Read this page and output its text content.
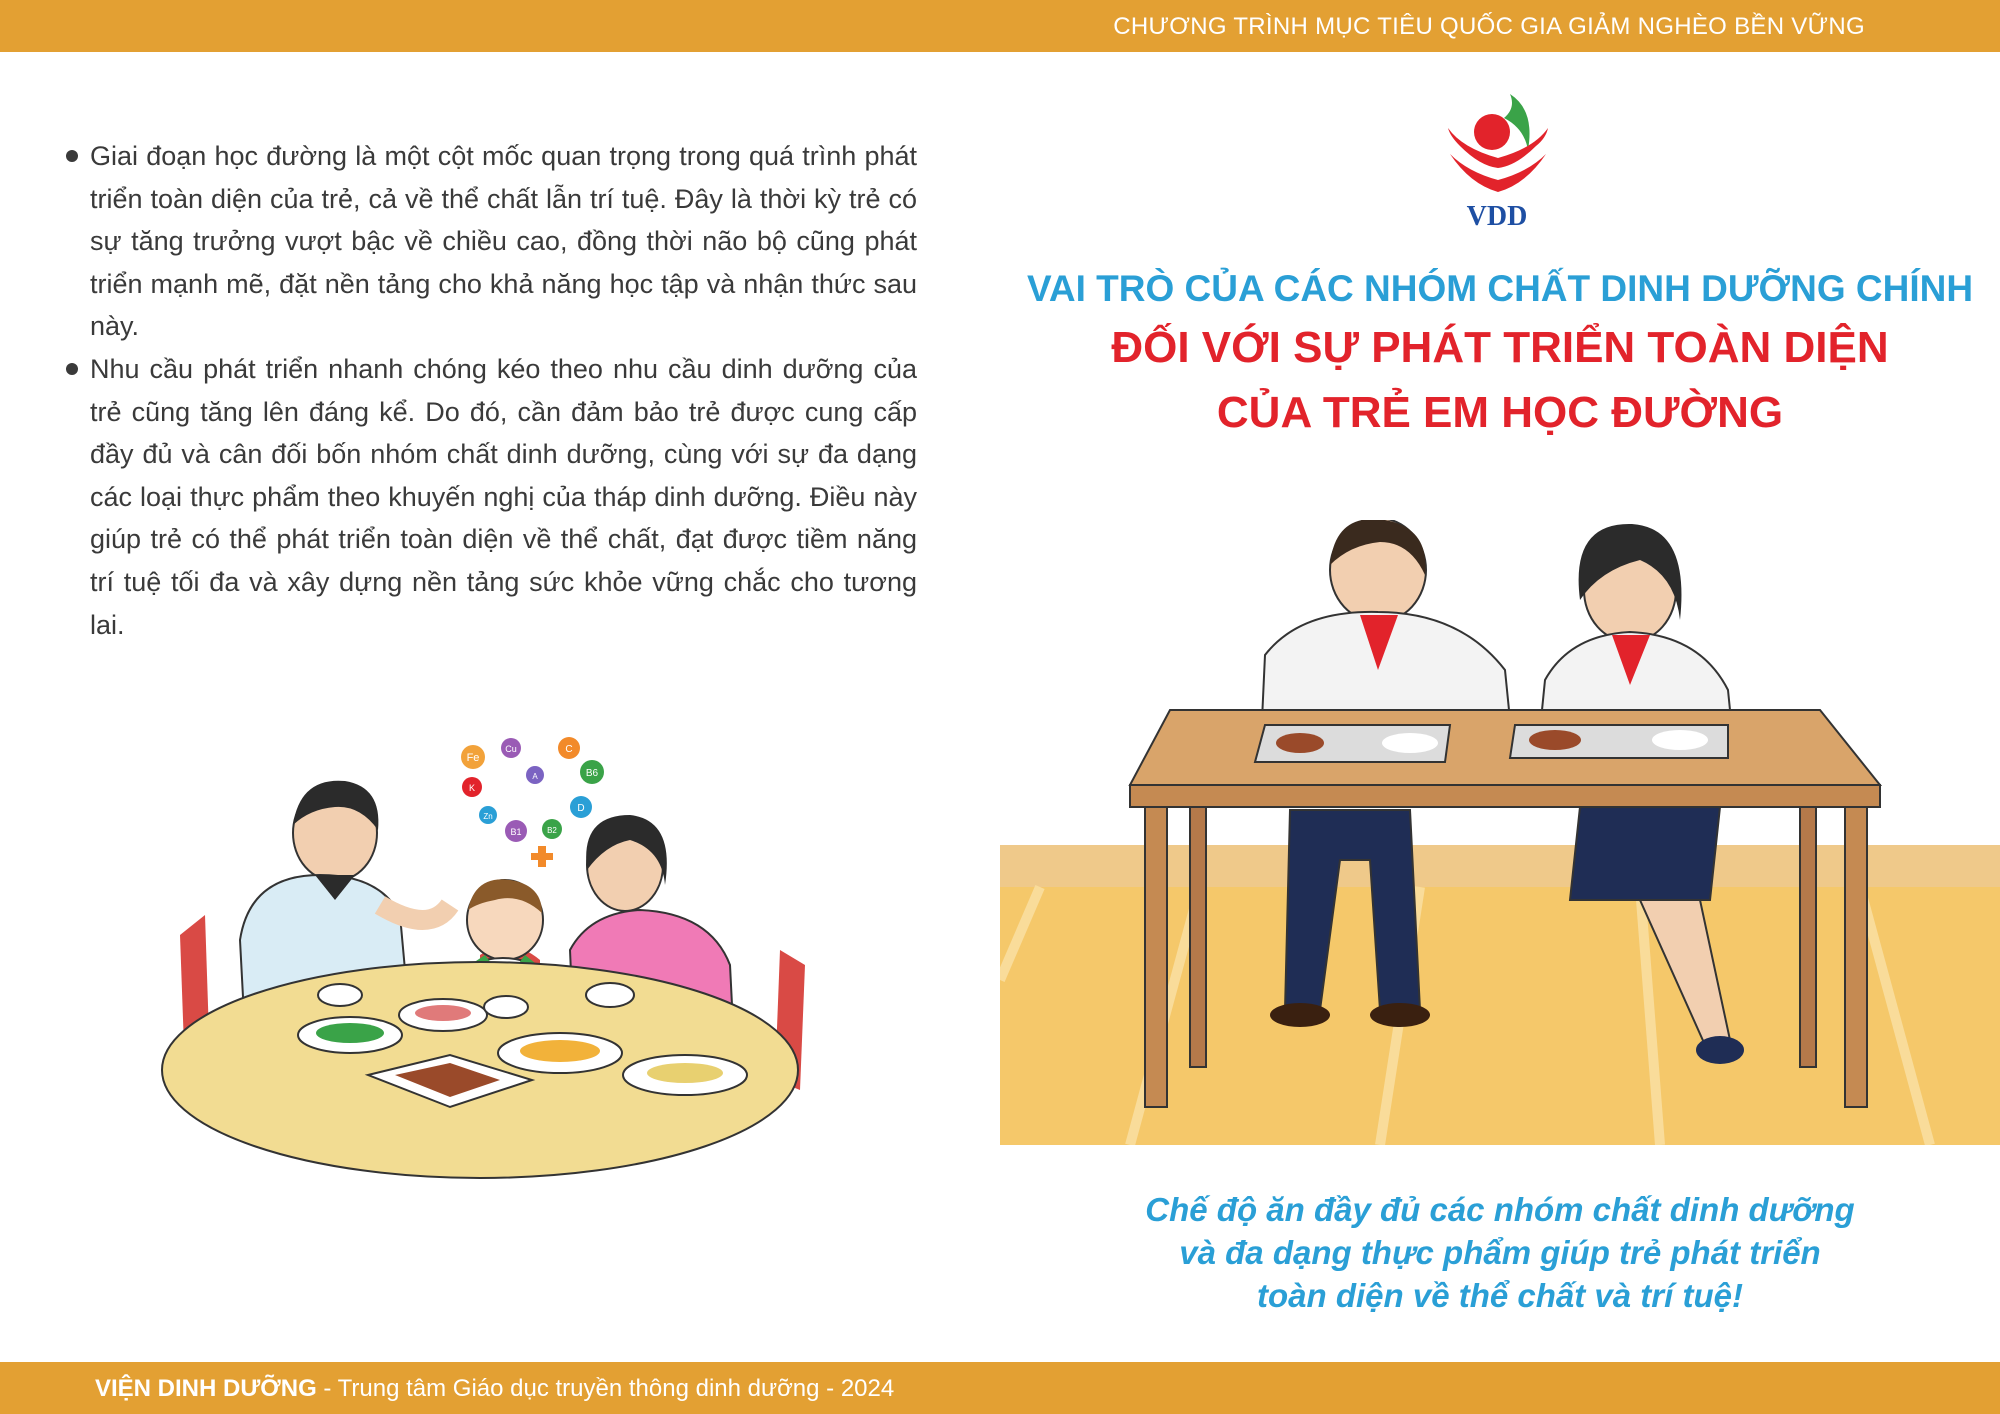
CHƯƠNG TRÌNH MỤC TIÊU QUỐC GIA GIẢM NGHÈO BỀN VỮNG
Giai đoạn học đường là một cột mốc quan trọng trong quá trình phát triển toàn diện của trẻ, cả về thể chất lẫn trí tuệ. Đây là thời kỳ trẻ có sự tăng trưởng vượt bậc về chiều cao, đồng thời não bộ cũng phát triển mạnh mẽ, đặt nền tảng cho khả năng học tập và nhận thức sau này.
Nhu cầu phát triển nhanh chóng kéo theo nhu cầu dinh dưỡng của trẻ cũng tăng lên đáng kể. Do đó, cần đảm bảo trẻ được cung cấp đầy đủ và cân đối bốn nhóm chất dinh dưỡng, cùng với sự đa dạng các loại thực phẩm theo khuyến nghị của tháp dinh dưỡng. Điều này giúp trẻ có thể phát triển toàn diện về thể chất, đạt được tiềm năng trí tuệ tối đa và xây dựng nền tảng sức khỏe vững chắc cho tương lai.
Fe
Cu	C
K
A	B6
Zn
B1	B2
D
VDD
VAI TRÒ CỦA CÁC NHÓM CHẤT DINH DƯỠNG CHÍNH
ĐỐI VỚI SỰ PHÁT TRIỂN TOÀN DIỆN
CỦA TRẺ EM HỌC ĐƯỜNG
Chế độ ăn đầy đủ các nhóm chất dinh dưỡng
và đa dạng thực phẩm giúp trẻ phát triển
toàn diện về thể chất và trí tuệ!
VIỆN DINH DƯỠNG - Trung tâm Giáo dục truyền thông dinh dưỡng - 2024
